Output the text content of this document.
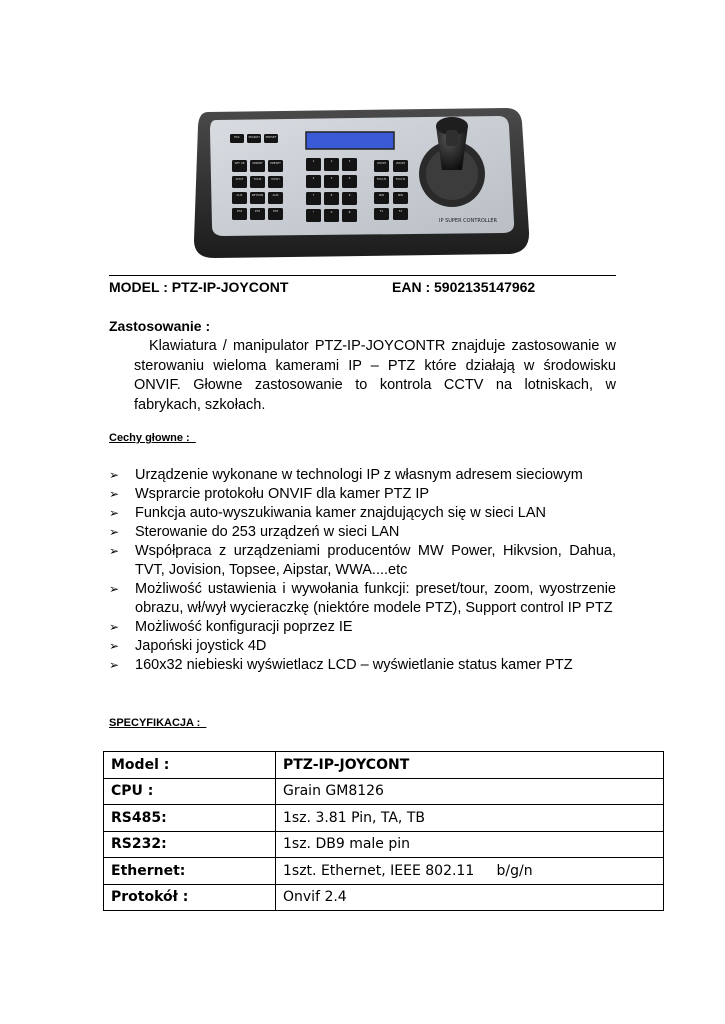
ESC	SEARCH PRESET
SET UP	INSERT	PRESET
SHOT	TOUR	MULTI
AUX	RETURN	ALM
PTZ	PTZ	PTZ
1	2	3
4	5	6
7	8	9
*	0	#
ZOOM	ZOOM
FOCUS	FOCUS
IRIS	IRIS
F1	F2
IP SUPER CONTROLLER
MODEL : PTZ-IP-JOYCONT	EAN : 5902135147962
Zastosowanie :
Klawiatura / manipulator PTZ-IP-JOYCONTR znajduje zastosowanie w sterowaniu wieloma kamerami IP – PTZ które działają w środowisku ONVIF. Głowne zastosowanie to kontrola CCTV na lotniskach, w fabrykach, szkołach.
Cechy głowne :
➢ Urządzenie wykonane w technologi IP z własnym adresem sieciowym
➢ Wsprarcie protokołu ONVIF dla kamer PTZ IP
➢ Funkcja auto-wyszukiwania kamer znajdujących się w sieci LAN
➢ Sterowanie do 253 urządzeń w sieci LAN
➢ Współpraca z urządzeniami producentów MW Power, Hikvsion, Dahua, TVT, Jovision, Topsee, Aipstar, WWA....etc
➢ Możliwość ustawienia i wywołania funkcji: preset/tour, zoom, wyostrzenie obrazu, wł/wył wycieraczkę (niektóre modele PTZ), Support control IP PTZ
➢ Możliwość konfiguracji poprzez IE
➢ Japoński joystick 4D
➢ 160x32 niebieski wyświetlacz LCD – wyświetlanie status kamer PTZ
SPECYFIKACJA :
Model :	PTZ-IP-JOYCONT
CPU :	Grain GM8126
RS485:	1sz. 3.81 Pin, TA, TB
RS232:	1sz. DB9 male pin
Ethernet:	1szt. Ethernet, IEEE 802.11     b/g/n
Protokół :	Onvif 2.4
